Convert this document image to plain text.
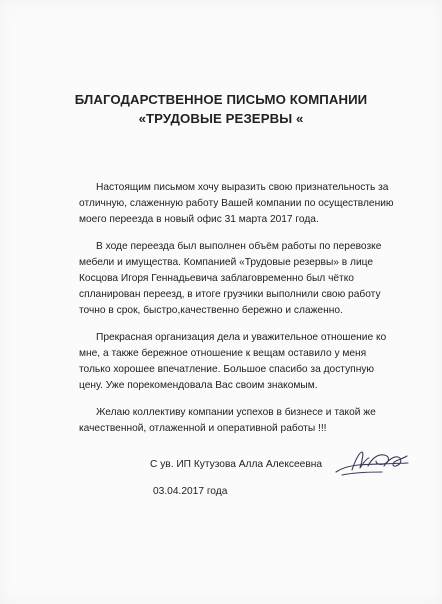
БЛАГОДАРСТВЕННОЕ ПИСЬМО КОМПАНИИ
«ТРУДОВЫЕ РЕЗЕРВЫ «
Настоящим письмом хочу выразить свою признательность за
отличную, слаженную работу Вашей компании по осуществлению
моего переезда в новый офис 31 марта 2017 года.
В ходе переезда был выполнен объём работы по перевозке
мебели и имущества. Компанией «Трудовые резервы» в лице
Косцова Игоря Геннадьевича заблаговременно был чётко
спланирован переезд, в итоге грузчики выполнили свою работу
точно в срок, быстро,качественно бережно и слаженно.
Прекрасная организация дела и уважительное отношение ко
мне, а также бережное отношение к вещам оставило у меня
только хорошее впечатление. Большое спасибо за доступную
цену. Уже порекомендовала Вас своим знакомым.
Желаю коллективу компании успехов в бизнесе и такой же
качественной, отлаженной и оперативной работы !!!
С ув. ИП Кутузова Алла Алексеевна
03.04.2017 года
